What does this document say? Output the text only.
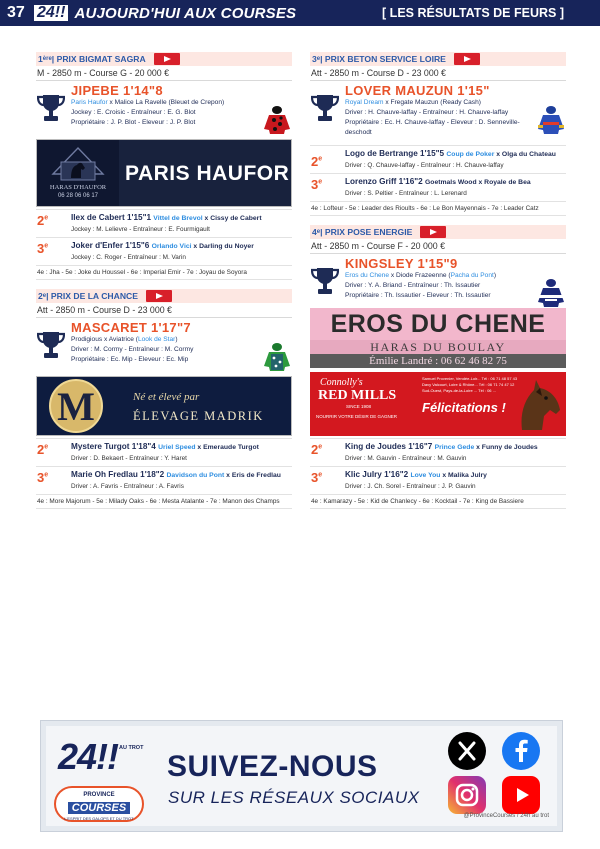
37 24!! AUJOURD'HUI AUX COURSES	[ LES RÉSULTATS DE FEURS ]
1 ère | PRIX BIGMAT SAGRA
M - 2850 m - Course G - 20 000 €
JIPEBE 1'14"8
Paris Haufor x Malice La Ravelle (Bleuet de Crepon)
Jockey : E. Croisic - Entraîneur : E. G. Blot
Propriétaire : J. P. Blot - Eleveur : J. P. Blot
HARAS D'HAUFOR
06 28 06 06 17
PARIS HAUFOR
2e	Ilex de Cabert 1'15"1 Vittel de Brevol x Cissy de Cabert
Jockey : M. Lelievre - Entraîneur : E. Fourmigault
3e	Joker d'Enfer 1'15"6 Orlando Vici x Darling du Noyer
Jockey : C. Roger - Entraîneur : M. Varin
4e : Jha - 5e : Joke du Houssel - 6e : Imperial Emir - 7e : Joyau de Soyora
2 e | PRIX DE LA CHANCE
Att - 2850 m - Course D - 23 000 €
MASCARET 1'17"7
Prodigious x Aviatrice (Look de Star)
Driver : M. Cormy - Entraîneur : M. Cormy
Propriétaire : Ec. Mip - Eleveur : Ec. Mip
M	Né et élevé par
ÉLEVAGE MADRIK
2e	Mystere Turgot 1'18"4 Uriel Speed x Emeraude Turgot
Driver : D. Bekaert - Entraîneur : Y. Haret
3e	Marie Oh Fredlau 1'18"2 Davidson du Pont x Eris de Fredlau
Driver : A. Favris - Entraîneur : A. Favris
4e : More Majorum - 5e : Milady Oaks - 6e : Mesta Atalante - 7e : Manon des Champs
3 e | PRIX BETON SERVICE LOIRE
Att - 2850 m - Course D - 23 000 €
LOVER MAUZUN 1'15"
Royal Dream x Fregate Mauzun (Ready Cash)
Driver : H. Chauve-laffay - Entraîneur : H. Chauve-laffay
Propriétaire : Ec. H. Chauve-laffay - Eleveur : D. Senneville-deschodt
2e
Logo de Bertrange 1'15"5 Coup de Poker x Olga du Chateau
Driver : Q. Chauve-laffay - Entraîneur : H. Chauve-laffay
3e	Lorenzo Griff 1'16"2 Goetmals Wood x Royale de Bea
Driver : S. Peltier - Entraîneur : L. Lerenard
4e : Lofteur - 5e : Leader des Rioults - 6e : Le Bon Mayennais - 7e : Leader Catz
4 e | PRIX POSE ENERGIE
Att - 2850 m - Course F - 20 000 €
KINGSLEY 1'15"9
Eros du Chene x Diode Frazeenne (Pacha du Pont)
Driver : Y. A. Briand - Entraîneur : Th. Issautier
Propriétaire : Th. Issautier - Eleveur : Th. Issautier
EROS DU CHENE
HARAS DU BOULAY
Émilie Landré : 06 62 46 82 75
Connolly's
RED MILLS
SINCE 1908
NOURRIR VOTRE DÉSIR DE GAGNER
Samuel Provenier, Vendée-Loir... Tél : 06 71 48 57 43
Davy Valcourt, Loire & Rhône... Tél : 06 71 74 47 12
Sud-Ouest, Pays-de-la-Loire ... Tél : 06 ...
Félicitations !
2e	King de Joudes 1'16"7 Prince Gede x Funny de Joudes
Driver : M. Gauvin - Entraîneur : M. Gauvin
3e	Klic Julry 1'16"2 Love You x Malika Julry
Driver : J. Ch. Sorel - Entraîneur : J. P. Gauvin
4e : Kamarazy - 5e : Kid de Chanlecy - 6e : Kocktail - 7e : King de Bassiere
24!! AU TROT
PROVINCE
COURSES
L'ESPRIT DES GALOPS ET DU TROT
SUIVEZ-NOUS
SUR LES RÉSEAUX SOCIAUX
@ProvinceCourses / 24h au trot
